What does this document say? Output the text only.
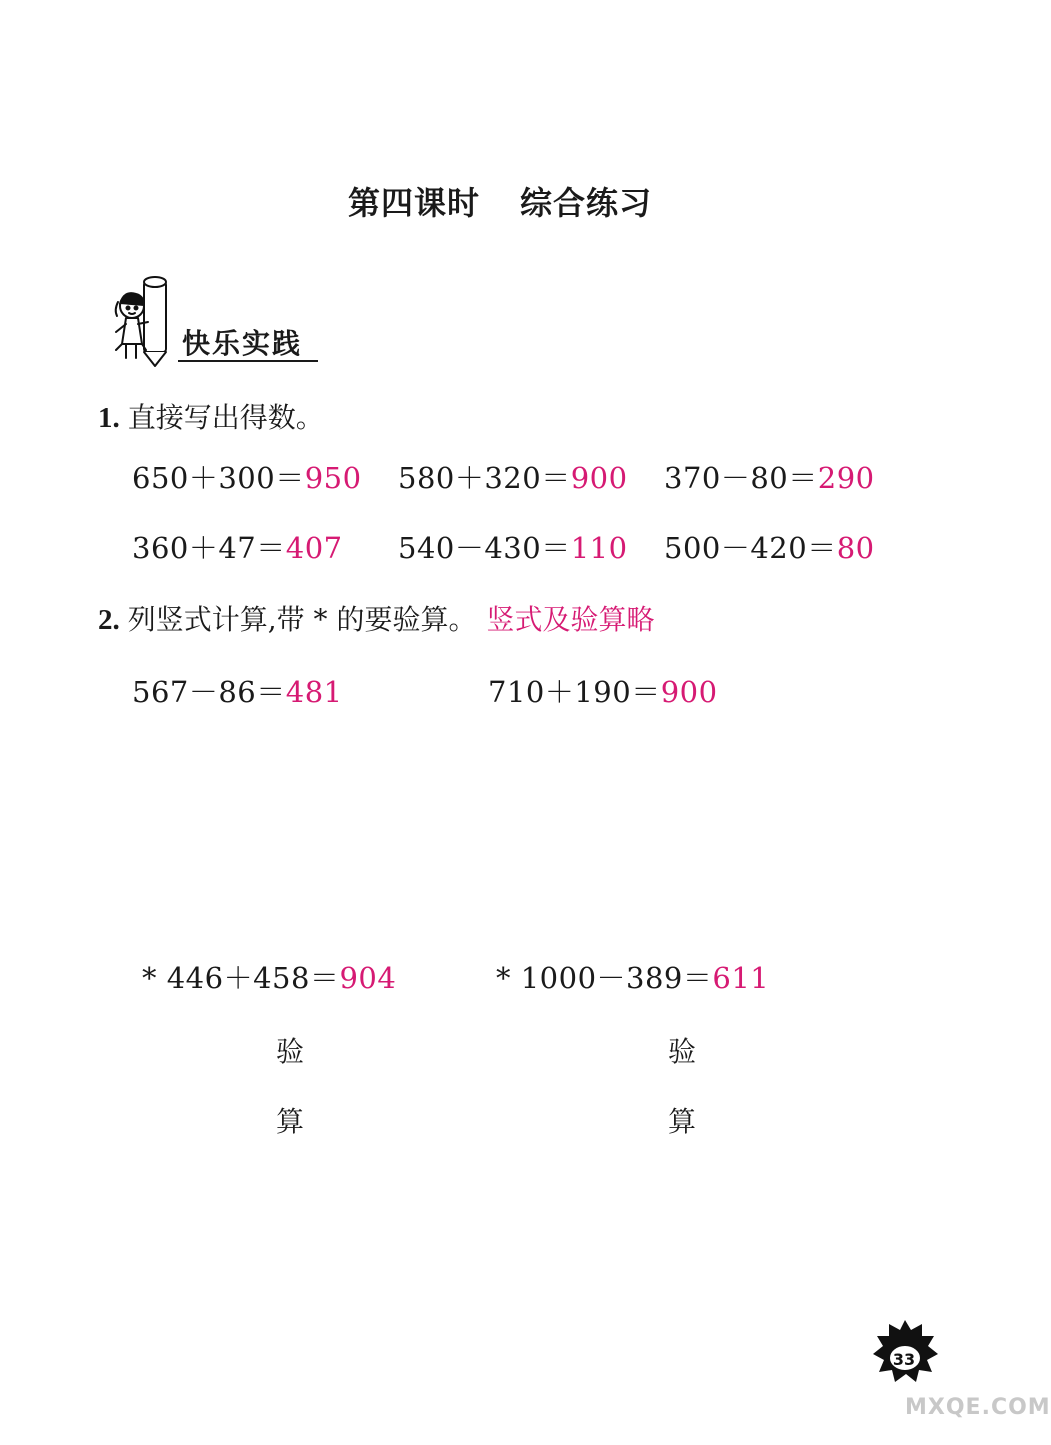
第四课时 综合练习
快乐实践
1. 直接写出得数。
650＋300＝950 580＋320＝900 370－80＝290
360＋47＝407 540－430＝110 500－420＝80
2. 列竖式计算,带 * 的要验算。 竖式及验算略
567－86＝481	710＋190＝900
* 446＋458＝904	* 1000－389＝611
验
算
验
算
33
MXQE.COM
